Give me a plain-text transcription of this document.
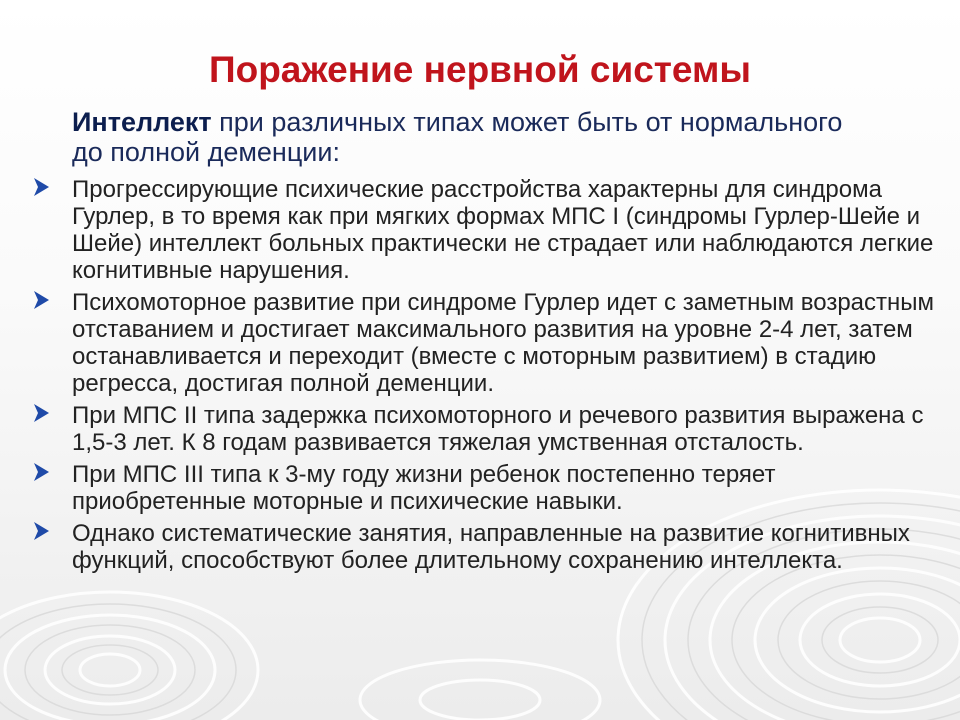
Поражение нервной системы

Интеллект при различных типах может быть от нормального до полной деменции:

Прогрессирующие психические расстройства характерны для синдрома Гурлер, в то время как при мягких формах МПС I (синдромы Гурлер-Шейе и Шейе) интеллект больных практически не страдает или наблюдаются легкие когнитивные нарушения.
Психомоторное развитие при синдроме Гурлер идет с заметным возрастным отставанием и достигает максимального развития на уровне 2-4 лет, затем останавливается и переходит (вместе с моторным развитием) в стадию регресса, достигая полной деменции.
При МПС II типа задержка психомоторного и речевого развития выражена с 1,5-3 лет. К 8 годам развивается тяжелая умственная отсталость.
При МПС III типа к 3-му году жизни ребенок постепенно теряет приобретенные моторные и психические навыки.
Однако систематические занятия, направленные на развитие когнитивных функций, способствуют более длительному сохранению интеллекта.
